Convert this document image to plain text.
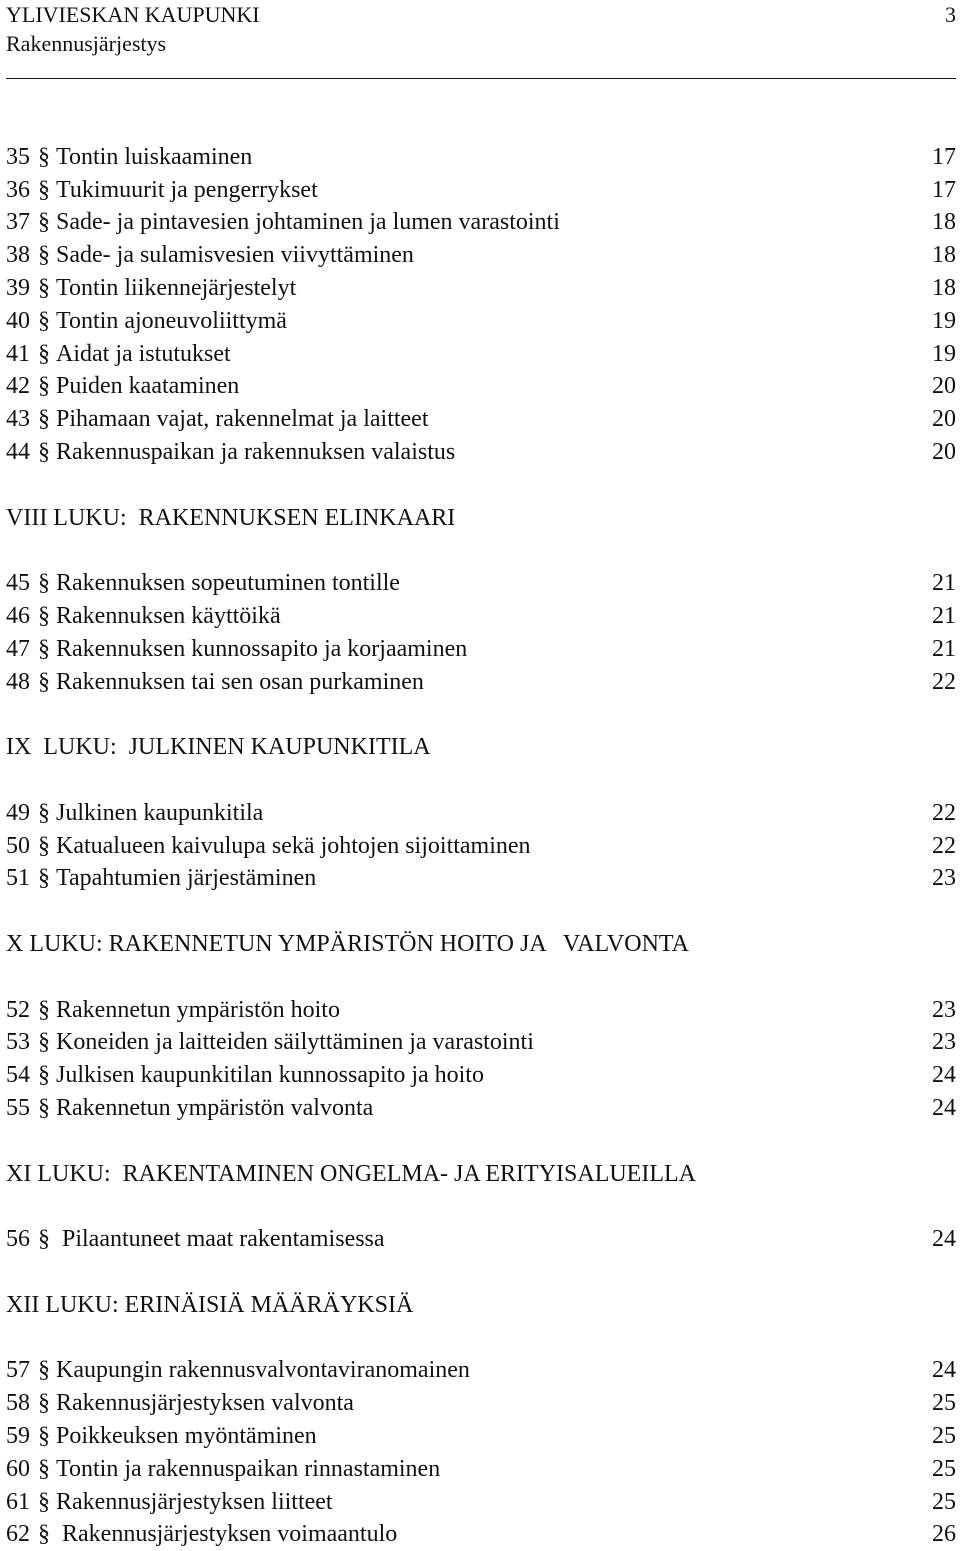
YLIVIESKAN KAUPUNKI	3
Rakennusjärjestys
35 § Tontin luiskaaminen	17
36 § Tukimuurit ja pengerrykset	17
37 § Sade- ja pintavesien johtaminen ja lumen varastointi	18
38 § Sade- ja sulamisvesien viivyttäminen	18
39 § Tontin liikennejärjestelyt	18
40 § Tontin ajoneuvoliittymä	19
41 § Aidat ja istutukset	19
42 § Puiden kaataminen	20
43 § Pihamaan vajat, rakennelmat ja laitteet	20
44 § Rakennuspaikan ja rakennuksen valaistus	20
VIII LUKU:  RAKENNUKSEN ELINKAARI
45 § Rakennuksen sopeutuminen tontille	21
46 § Rakennuksen käyttöikä	21
47 § Rakennuksen kunnossapito ja korjaaminen	21
48 § Rakennuksen tai sen osan purkaminen	22
IX  LUKU:  JULKINEN KAUPUNKITILA
49 § Julkinen kaupunkitila	22
50 § Katualueen kaivulupa sekä johtojen sijoittaminen	22
51 § Tapahtumien järjestäminen	23
X LUKU: RAKENNETUN YMPÄRISTÖN HOITO JA   VALVONTA
52 § Rakennetun ympäristön hoito	23
53 § Koneiden ja laitteiden säilyttäminen ja varastointi	23
54 § Julkisen kaupunkitilan kunnossapito ja hoito	24
55 § Rakennetun ympäristön valvonta	24
XI LUKU:  RAKENTAMINEN ONGELMA- JA ERITYISALUEILLA
56 § Pilaantuneet maat rakentamisessa	24
XII LUKU: ERINÄISIÄ MÄÄRÄYKSIÄ
57 § Kaupungin rakennusvalvontaviranomainen	24
58 § Rakennusjärjestyksen valvonta	25
59 § Poikkeuksen myöntäminen	25
60 § Tontin ja rakennuspaikan rinnastaminen	25
61 § Rakennusjärjestyksen liitteet	25
62 § Rakennusjärjestyksen voimaantulo	26
